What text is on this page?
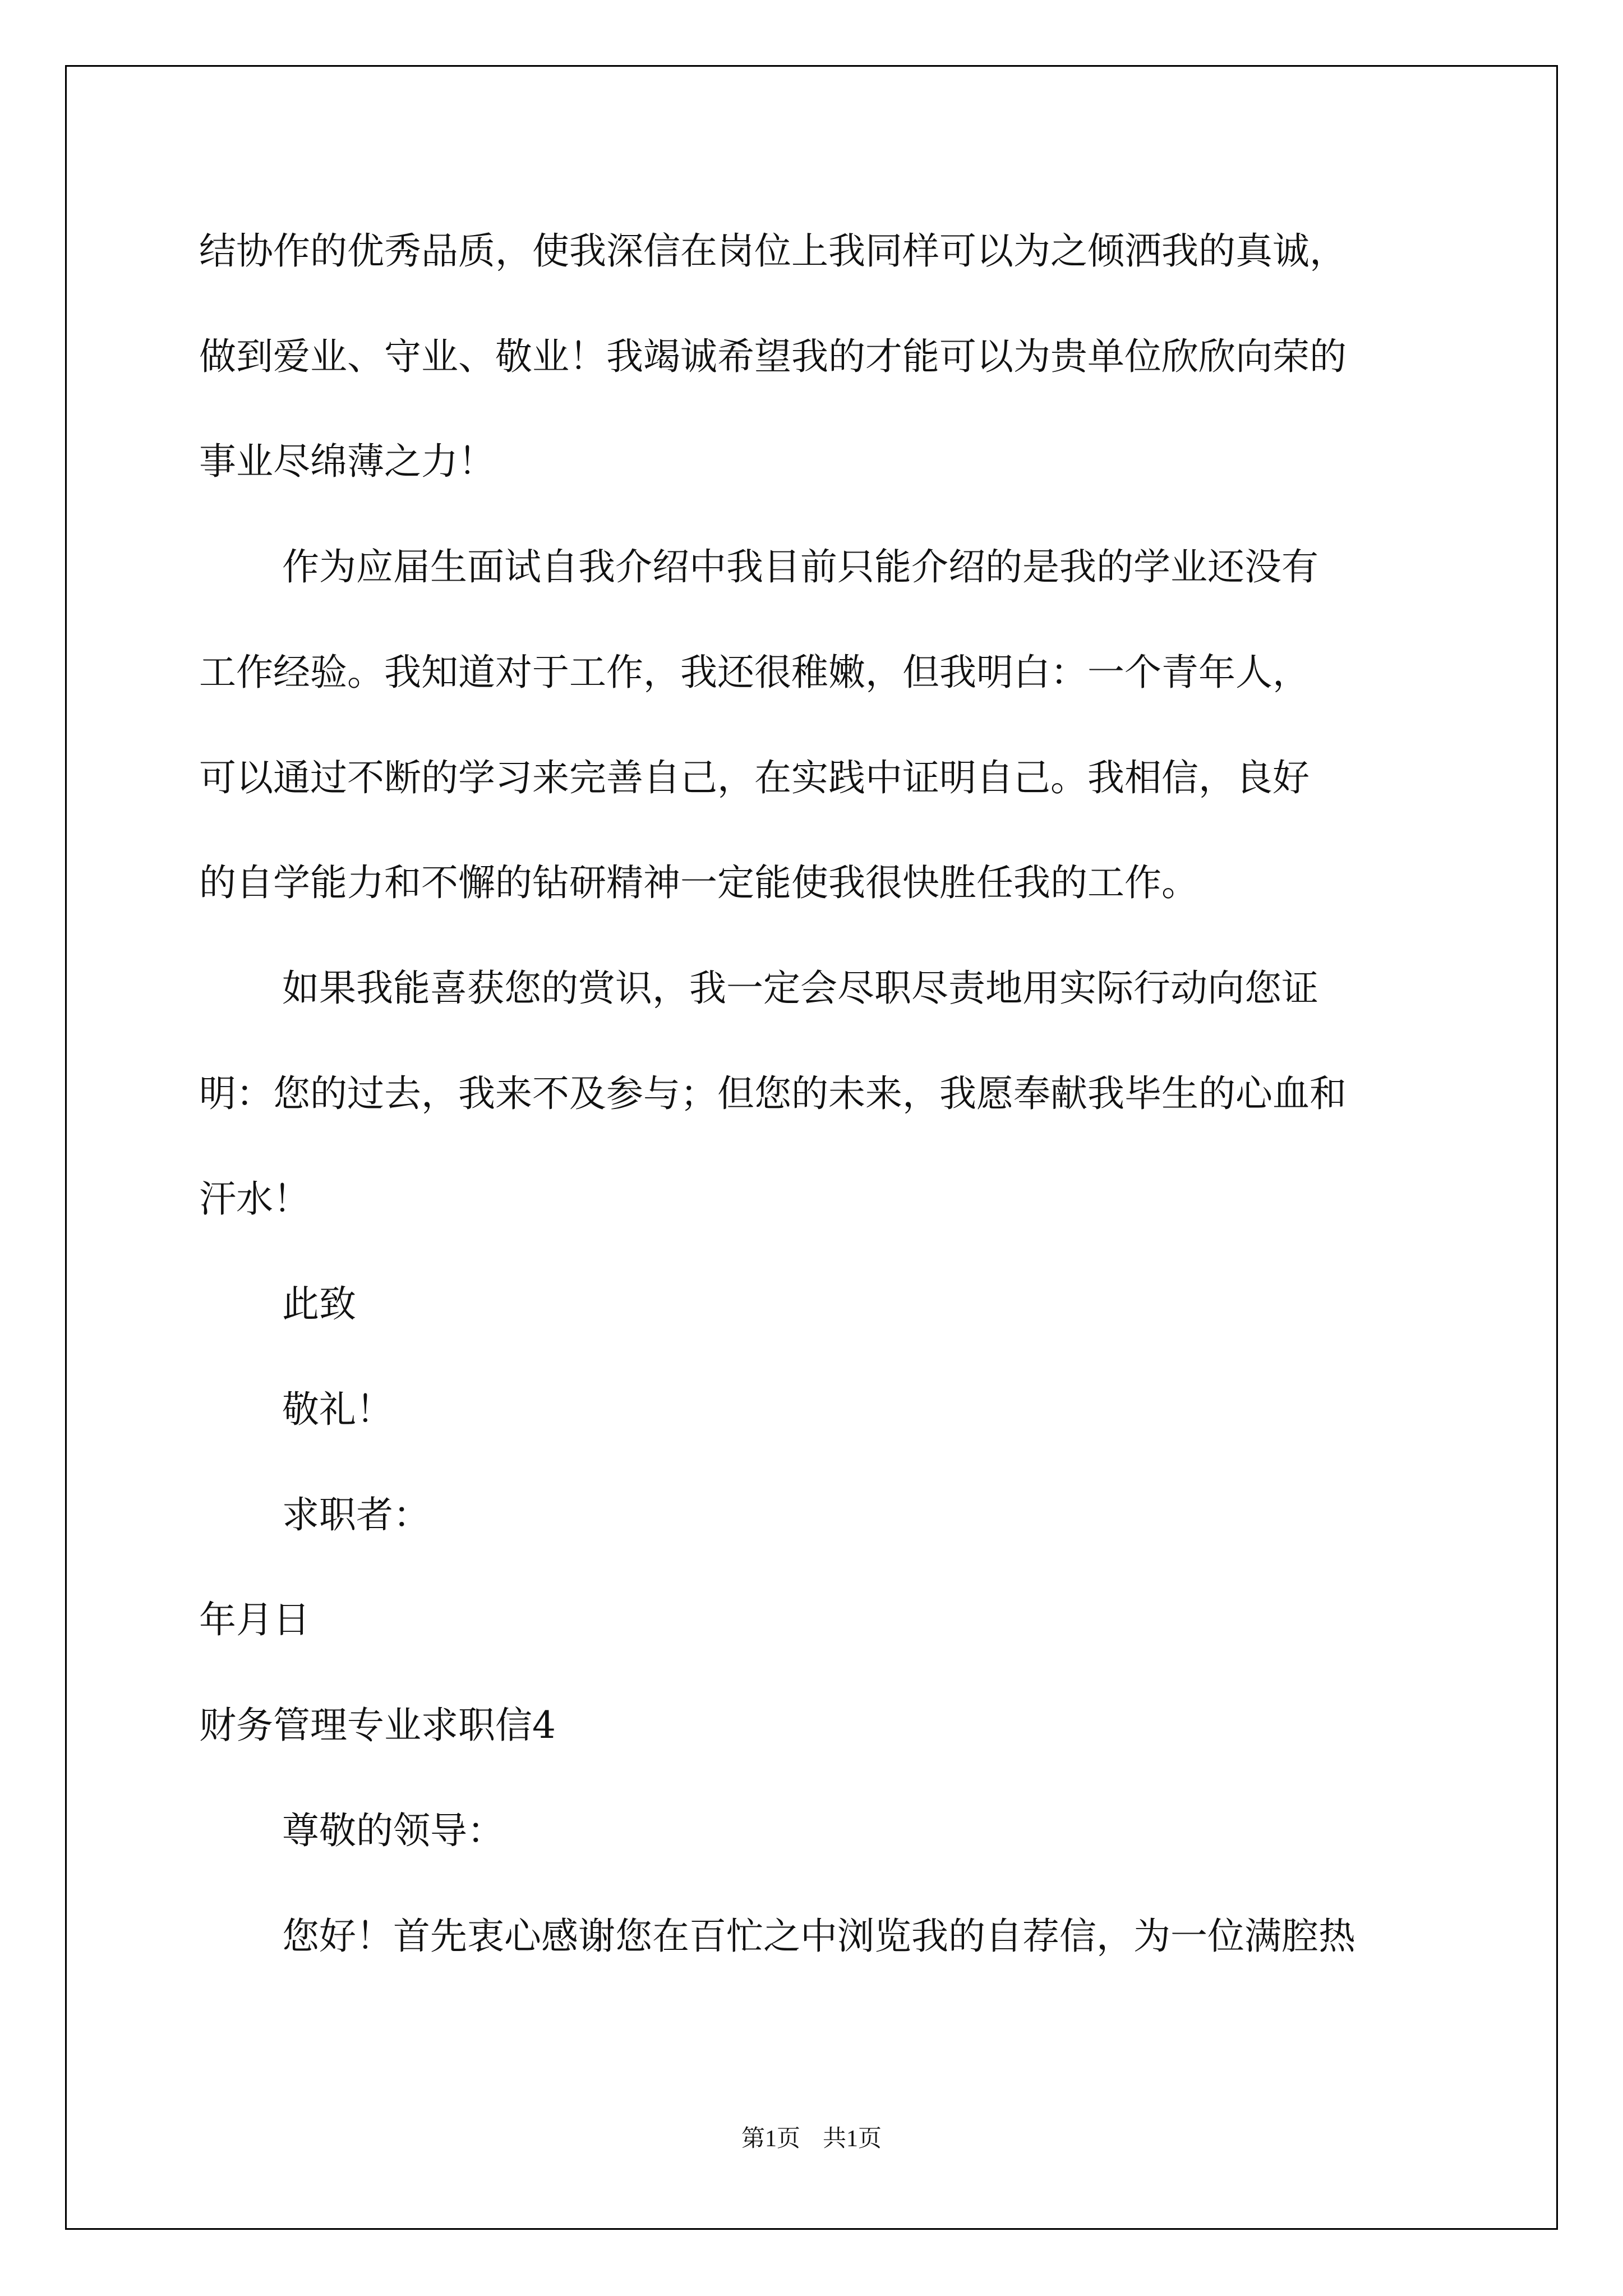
结协作的优秀品质，使我深信在岗位上我同样可以为之倾洒我的真诚，
做到爱业、守业、敬业！我竭诚希望我的才能可以为贵单位欣欣向荣的
事业尽绵薄之力！
作为应届生面试自我介绍中我目前只能介绍的是我的学业还没有
工作经验。我知道对于工作，我还很稚嫩，但我明白：一个青年人，
可以通过不断的学习来完善自己，在实践中证明自己。我相信，良好
的自学能力和不懈的钻研精神一定能使我很快胜任我的工作。
如果我能喜获您的赏识，我一定会尽职尽责地用实际行动向您证
明：您的过去，我来不及参与；但您的未来，我愿奉献我毕生的心血和
汗水！
此致
敬礼！
求职者：
年月日
财务管理专业求职信4
尊敬的领导：
您好！首先衷心感谢您在百忙之中浏览我的自荐信，为一位满腔热
第1页 共1页
